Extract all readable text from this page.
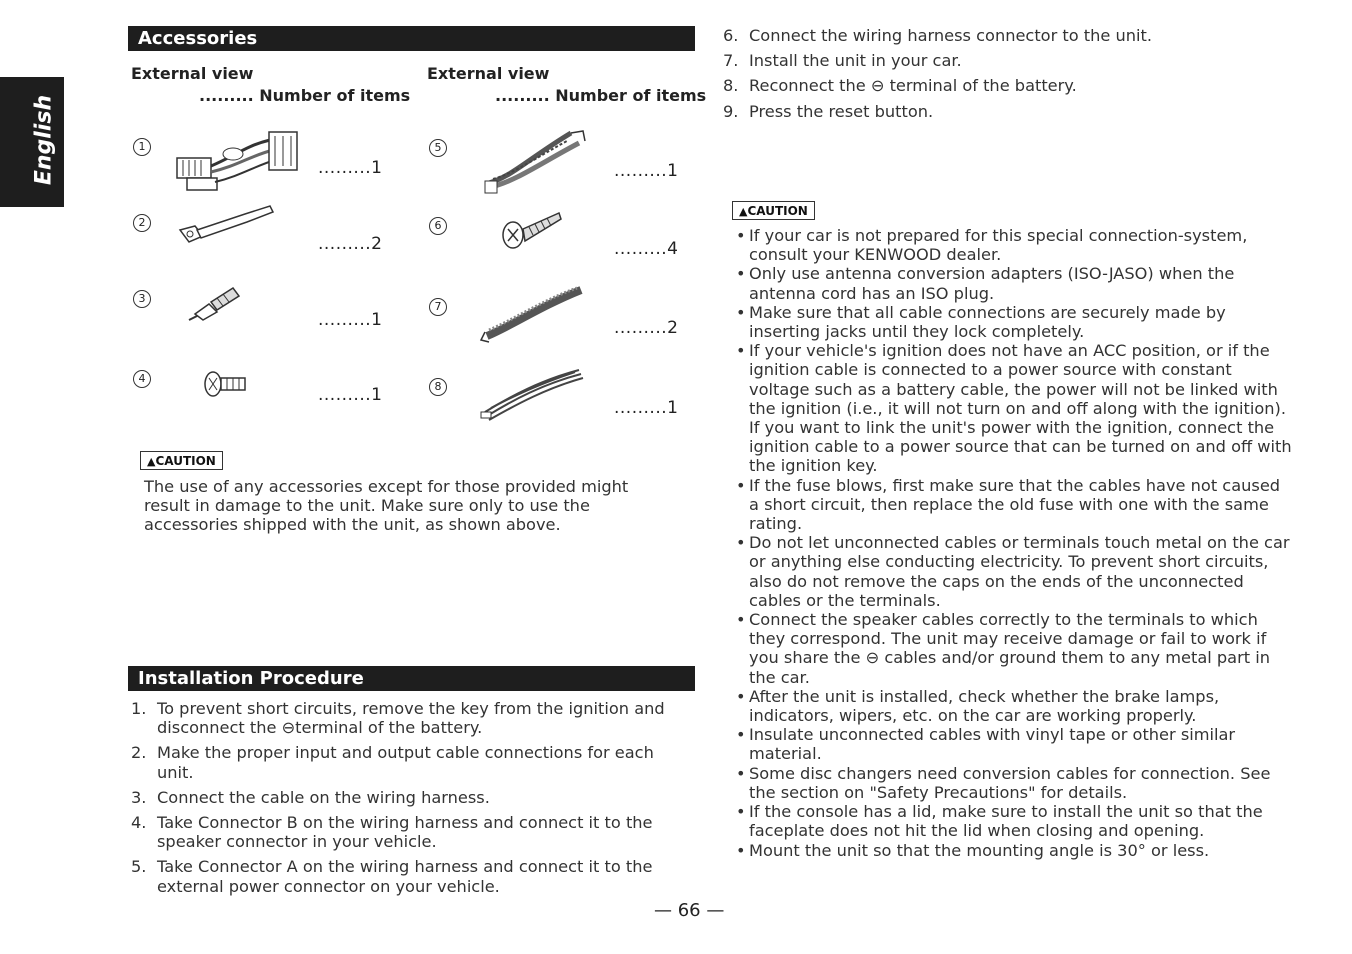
English
Accessories
External view
......... Number of items
External view
......... Number of items
1
.........1
2
.........2
3
.........1
4
.........1
5
.........1
6
.........4
7
.........2
8
.........1
▲CAUTION
The use of any accessories except for those provided might result in damage to the unit. Make sure only to use the accessories shipped with the unit, as shown above.
Installation Procedure
1. To prevent short circuits, remove the key from the ignition and disconnect the ⊖terminal of the battery.
2. Make the proper input and output cable connections for each unit.
3. Connect the cable on the wiring harness.
4. Take Connector B on the wiring harness and connect it to the speaker connector in your vehicle.
5. Take Connector A on the wiring harness and connect it to the external power connector on your vehicle.
6. Connect the wiring harness connector to the unit.
7. Install the unit in your car.
8. Reconnect the ⊖ terminal of the battery.
9. Press the reset button.
▲CAUTION
• If your car is not prepared for this special connection-system, consult your KENWOOD dealer.
• Only use antenna conversion adapters (ISO-JASO) when the antenna cord has an ISO plug.
• Make sure that all cable connections are securely made by inserting jacks until they lock completely.
• If your vehicle's ignition does not have an ACC position, or if the ignition cable is connected to a power source with constant voltage such as a battery cable, the power will not be linked with the ignition (i.e., it will not turn on and off along with the ignition). If you want to link the unit's power with the ignition, connect the ignition cable to a power source that can be turned on and off with the ignition key.
• If the fuse blows, first make sure that the cables have not caused a short circuit, then replace the old fuse with one with the same rating.
• Do not let unconnected cables or terminals touch metal on the car or anything else conducting electricity. To prevent short circuits, also do not remove the caps on the ends of the unconnected cables or the terminals.
• Connect the speaker cables correctly to the terminals to which they correspond. The unit may receive damage or fail to work if you share the ⊖ cables and/or ground them to any metal part in the car.
• After the unit is installed, check whether the brake lamps, indicators, wipers, etc. on the car are working properly.
• Insulate unconnected cables with vinyl tape or other similar material.
• Some disc changers need conversion cables for connection. See the section on "Safety Precautions" for details.
• If the console has a lid, make sure to install the unit so that the faceplate does not hit the lid when closing and opening.
• Mount the unit so that the mounting angle is 30° or less.
— 66 —
